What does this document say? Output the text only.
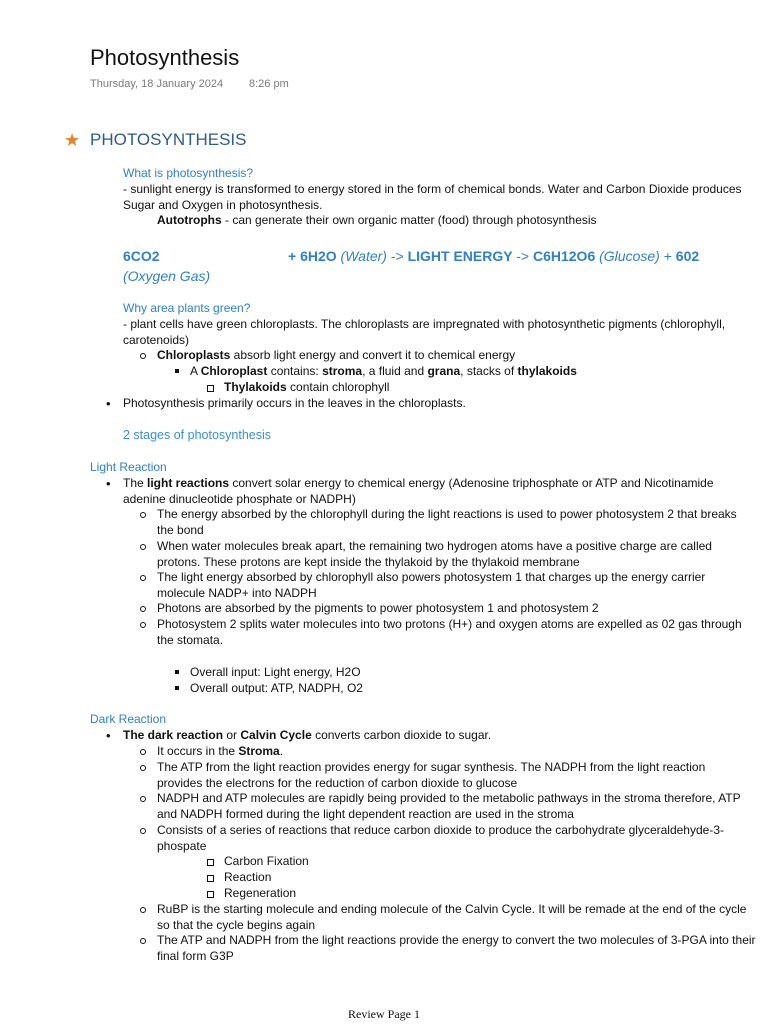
Photosynthesis
Thursday, 18 January 2024 8:26 pm
★ PHOTOSYNTHESIS
What is photosynthesis?
- sunlight energy is transformed to energy stored in the form of chemical bonds. Water and Carbon Dioxide produces Sugar and Oxygen in photosynthesis.
Autotrophs - can generate their own organic matter (food) through photosynthesis
6CO2	+ 6H2O (Water) -> LIGHT ENERGY -> C6H12O6 (Glucose) + 602
(Oxygen Gas)
Why area plants green?
- plant cells have green chloroplasts. The chloroplasts are impregnated with photosynthetic pigments (chlorophyll, carotenoids)
Chloroplasts absorb light energy and convert it to chemical energy
A Chloroplast contains: stroma, a fluid and grana, stacks of thylakoids
Thylakoids contain chlorophyll
• Photosynthesis primarily occurs in the leaves in the chloroplasts.
2 stages of photosynthesis
Light Reaction
• The light reactions convert solar energy to chemical energy (Adenosine triphosphate or ATP and Nicotinamide adenine dinucleotide phosphate or NADPH)
The energy absorbed by the chlorophyll during the light reactions is used to power photosystem 2 that breaks the bond
When water molecules break apart, the remaining two hydrogen atoms have a positive charge are called protons. These protons are kept inside the thylakoid by the thylakoid membrane
The light energy absorbed by chlorophyll also powers photosystem 1 that charges up the energy carrier molecule NADP+ into NADPH
Photons are absorbed by the pigments to power photosystem 1 and photosystem 2
Photosystem 2 splits water molecules into two protons (H+) and oxygen atoms are expelled as 02 gas through the stomata.
Overall input: Light energy, H2O
Overall output: ATP, NADPH, O2
Dark Reaction
• The dark reaction or Calvin Cycle converts carbon dioxide to sugar.
It occurs in the Stroma.
The ATP from the light reaction provides energy for sugar synthesis. The NADPH from the light reaction provides the electrons for the reduction of carbon dioxide to glucose
NADPH and ATP molecules are rapidly being provided to the metabolic pathways in the stroma therefore, ATP and NADPH formed during the light dependent reaction are used in the stroma
Consists of a series of reactions that reduce carbon dioxide to produce the carbohydrate glyceraldehyde-3-phospate
Carbon Fixation
Reaction
Regeneration
RuBP is the starting molecule and ending molecule of the Calvin Cycle. It will be remade at the end of the cycle so that the cycle begins again
The ATP and NADPH from the light reactions provide the energy to convert the two molecules of 3-PGA into their final form G3P
Review Page 1
